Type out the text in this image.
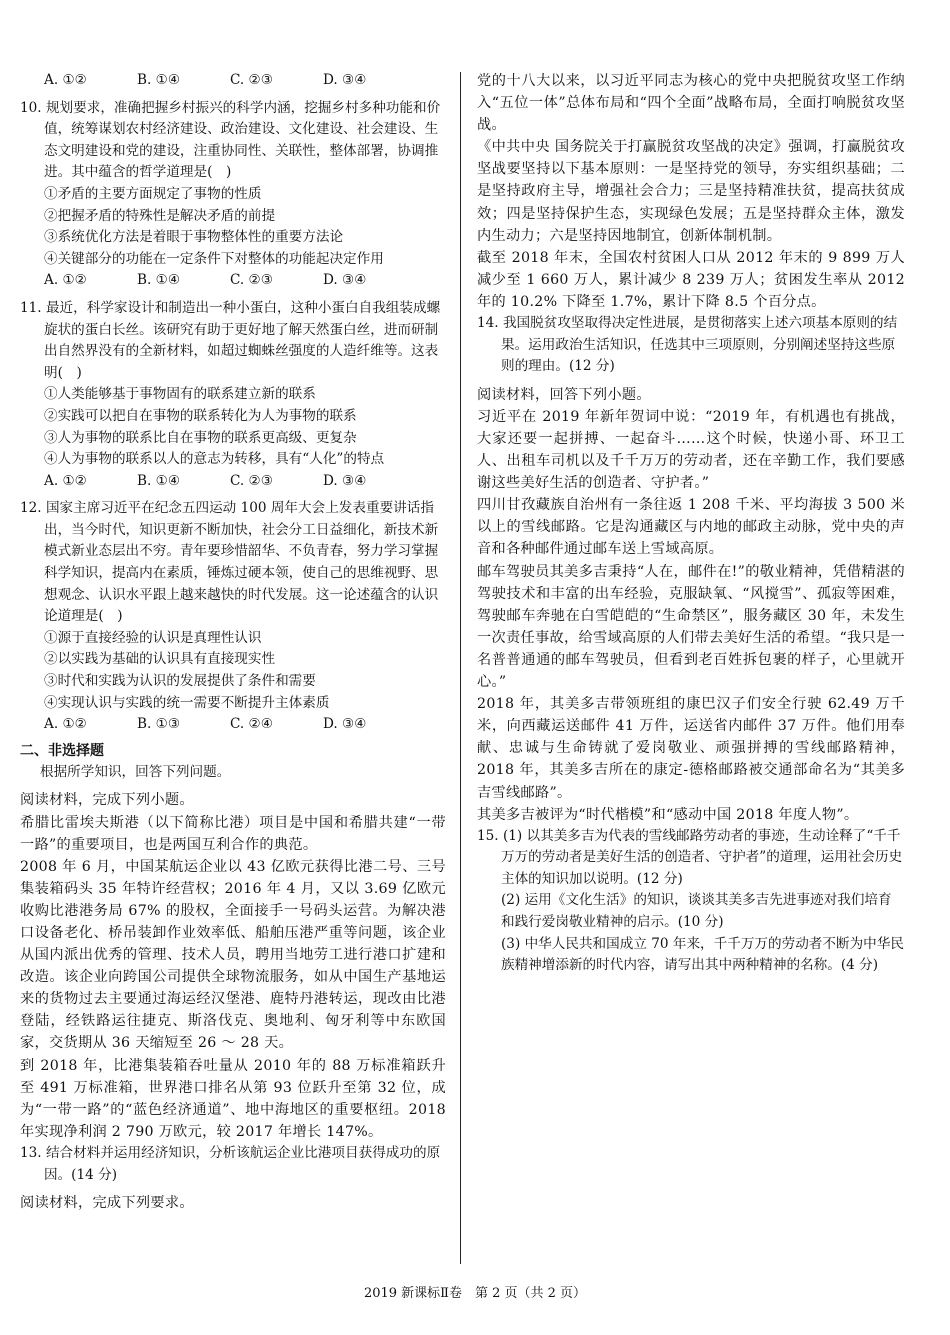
A. ①②	B. ①④	C. ②③	D. ③④

10. 规划要求，准确把握乡村振兴的科学内涵，挖掘乡村多种功能和价值，统筹谋划农村经济建设、政治建设、文化建设、社会建设、生态文明建设和党的建设，注重协同性、关联性，整体部署，协调推进。其中蕴含的哲学道理是(　)

①矛盾的主要方面规定了事物的性质

②把握矛盾的特殊性是解决矛盾的前提

③系统优化方法是着眼于事物整体性的重要方法论

④关键部分的功能在一定条件下对整体的功能起决定作用

A. ①②	B. ①④	C. ②③	D. ③④

11. 最近，科学家设计和制造出一种小蛋白，这种小蛋白自我组装成螺旋状的蛋白长丝。该研究有助于更好地了解天然蛋白丝，进而研制出自然界没有的全新材料，如超过蜘蛛丝强度的人造纤维等。这表明(　)

①人类能够基于事物固有的联系建立新的联系

②实践可以把自在事物的联系转化为人为事物的联系

③人为事物的联系比自在事物的联系更高级、更复杂

④人为事物的联系以人的意志为转移，具有“人化”的特点

A. ①②	B. ①④	C. ②③	D. ③④

12. 国家主席习近平在纪念五四运动 100 周年大会上发表重要讲话指出，当今时代，知识更新不断加快，社会分工日益细化，新技术新模式新业态层出不穷。青年要珍惜韶华、不负青春，努力学习掌握科学知识，提高内在素质，锤炼过硬本领，使自己的思维视野、思想观念、认识水平跟上越来越快的时代发展。这一论述蕴含的认识论道理是(　)

①源于直接经验的认识是真理性认识

②以实践为基础的认识具有直接现实性

③时代和实践为认识的发展提供了条件和需要

④实现认识与实践的统一需要不断提升主体素质

A. ①②	B. ①③	C. ②④	D. ③④
二、非选择题
根据所学知识，回答下列问题。

阅读材料，完成下列小题。

希腊比雷埃夫斯港（以下简称比港）项目是中国和希腊共建“一带一路”的重要项目，也是两国互利合作的典范。

2008 年 6 月，中国某航运企业以 43 亿欧元获得比港二号、三号集装箱码头 35 年特许经营权；2016 年 4 月，又以 3.69 亿欧元收购比港港务局 67% 的股权，全面接手一号码头运营。为解决港口设备老化、桥吊装卸作业效率低、船舶压港严重等问题，该企业从国内派出优秀的管理、技术人员，聘用当地劳工进行港口扩建和改造。该企业向跨国公司提供全球物流服务，如从中国生产基地运来的货物过去主要通过海运经汉堡港、鹿特丹港转运，现改由比港登陆，经铁路运往捷克、斯洛伐克、奥地利、匈牙利等中东欧国家，交货期从 36 天缩短至 26 ～ 28 天。

到 2018 年，比港集装箱吞吐量从 2010 年的 88 万标准箱跃升至 491 万标准箱，世界港口排名从第 93 位跃升至第 32 位，成为“一带一路”的“蓝色经济通道”、地中海地区的重要枢纽。2018 年实现净利润 2 790 万欧元，较 2017 年增长 147%。

13. 结合材料并运用经济知识，分析该航运企业比港项目获得成功的原因。(14 分)

阅读材料，完成下列要求。

党的十八大以来，以习近平同志为核心的党中央把脱贫攻坚工作纳入“五位一体”总体布局和“四个全面”战略布局，全面打响脱贫攻坚战。

《中共中央 国务院关于打赢脱贫攻坚战的决定》强调，打赢脱贫攻坚战要坚持以下基本原则：一是坚持党的领导，夯实组织基础；二是坚持政府主导，增强社会合力；三是坚持精准扶贫，提高扶贫成效；四是坚持保护生态，实现绿色发展；五是坚持群众主体，激发内生动力；六是坚持因地制宜，创新体制机制。

截至 2018 年末，全国农村贫困人口从 2012 年末的 9 899 万人减少至 1 660 万人，累计减少 8 239 万人；贫困发生率从 2012 年的 10.2% 下降至 1.7%，累计下降 8.5 个百分点。

14. 我国脱贫攻坚取得决定性进展，是贯彻落实上述六项基本原则的结果。运用政治生活知识，任选其中三项原则，分别阐述坚持这些原则的理由。(12 分)

阅读材料，回答下列小题。

习近平在 2019 年新年贺词中说：“2019 年，有机遇也有挑战，大家还要一起拼搏、一起奋斗……这个时候，快递小哥、环卫工人、出租车司机以及千千万万的劳动者，还在辛勤工作，我们要感谢这些美好生活的创造者、守护者。”

四川甘孜藏族自治州有一条往返 1 208 千米、平均海拔 3 500 米以上的雪线邮路。它是沟通藏区与内地的邮政主动脉，党中央的声音和各种邮件通过邮车送上雪域高原。

邮车驾驶员其美多吉秉持“人在，邮件在!”的敬业精神，凭借精湛的驾驶技术和丰富的出车经验，克服缺氧、“风搅雪”、孤寂等困难，驾驶邮车奔驰在白雪皑皑的“生命禁区”，服务藏区 30 年，未发生一次责任事故，给雪域高原的人们带去美好生活的希望。“我只是一名普普通通的邮车驾驶员，但看到老百姓拆包裹的样子，心里就开心。”

2018 年，其美多吉带领班组的康巴汉子们安全行驶 62.49 万千米，向西藏运送邮件 41 万件，运送省内邮件 37 万件。他们用奉献、忠诚与生命铸就了爱岗敬业、顽强拼搏的雪线邮路精神，2018 年，其美多吉所在的康定-德格邮路被交通部命名为“其美多吉雪线邮路”。

其美多吉被评为“时代楷模”和“感动中国 2018 年度人物”。

15. (1) 以其美多吉为代表的雪线邮路劳动者的事迹，生动诠释了“千千万万的劳动者是美好生活的创造者、守护者”的道理，运用社会历史主体的知识加以说明。(12 分)

(2) 运用《文化生活》的知识，谈谈其美多吉先进事迹对我们培育和践行爱岗敬业精神的启示。(10 分)

(3) 中华人民共和国成立 70 年来，千千万万的劳动者不断为中华民族精神增添新的时代内容，请写出其中两种精神的名称。(4 分)

2019 新课标Ⅱ卷　第 2 页（共 2 页）
